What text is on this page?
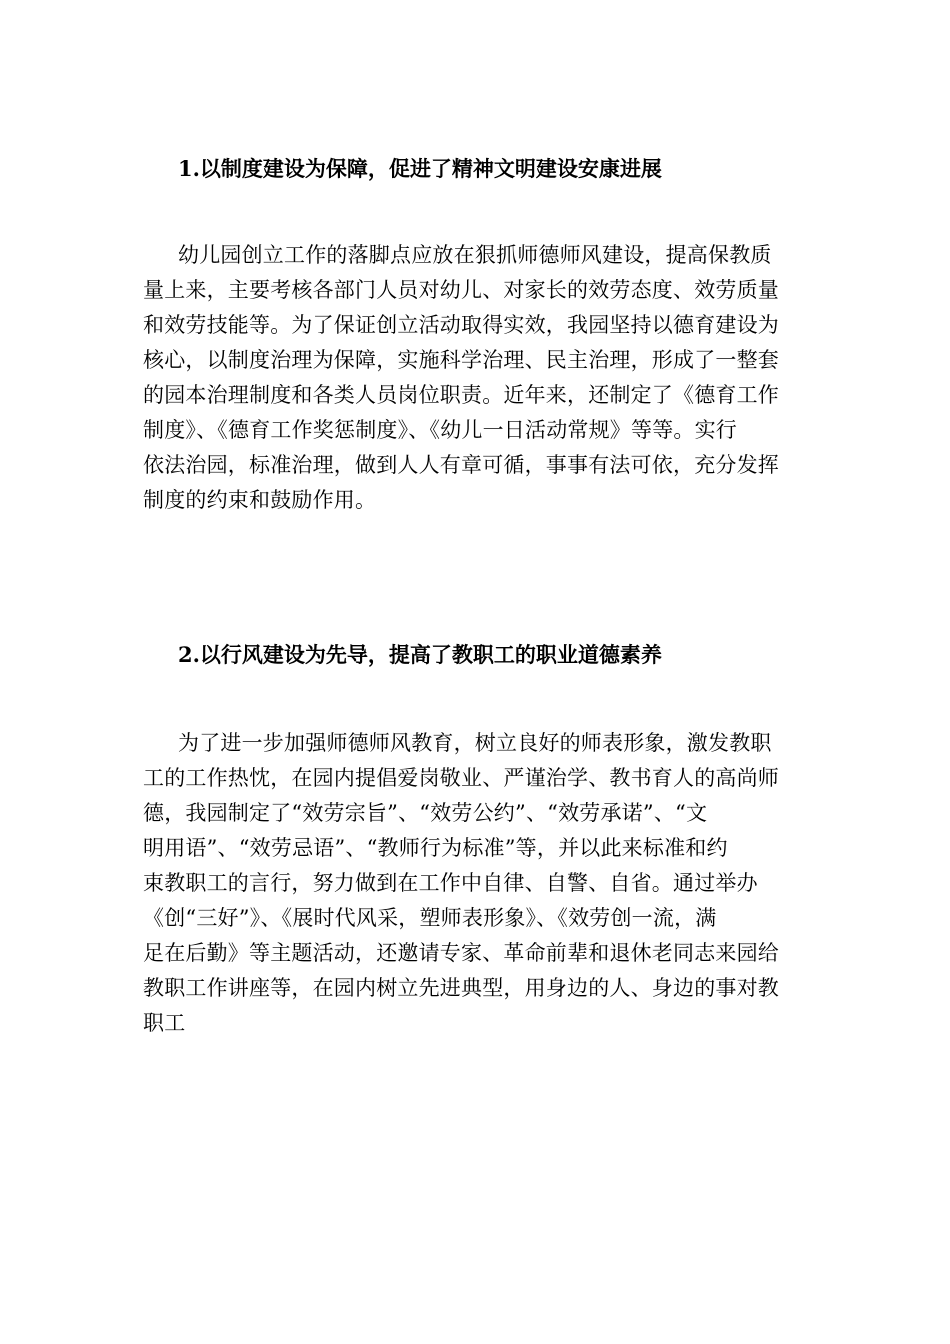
1.以制度建设为保障，促进了精神文明建设安康进展
幼儿园创立工作的落脚点应放在狠抓师德师风建设，提高保教质
量上来，主要考核各部门人员对幼儿、对家长的效劳态度、效劳质量
和效劳技能等。为了保证创立活动取得实效，我园坚持以德育建设为
核心，以制度治理为保障，实施科学治理、民主治理，形成了一整套
的园本治理制度和各类人员岗位职责。近年来，还制定了《德育工作
制度》、《德育工作奖惩制度》、《幼儿一日活动常规》等等。实行
依法治园，标准治理，做到人人有章可循，事事有法可依，充分发挥
制度的约束和鼓励作用。
2.以行风建设为先导，提高了教职工的职业道德素养
为了进一步加强师德师风教育，树立良好的师表形象，激发教职
工的工作热忱，在园内提倡爱岗敬业、严谨治学、教书育人的高尚师
德，我园制定了“效劳宗旨”、“效劳公约”、“效劳承诺”、“文
明用语”、“效劳忌语”、“教师行为标准”等，并以此来标准和约
束教职工的言行，努力做到在工作中自律、自警、自省。通过举办
《创“三好”》、《展时代风采，塑师表形象》、《效劳创一流，满
足在后勤》等主题活动，还邀请专家、革命前辈和退休老同志来园给
教职工作讲座等，在园内树立先进典型，用身边的人、身边的事对教
职工
